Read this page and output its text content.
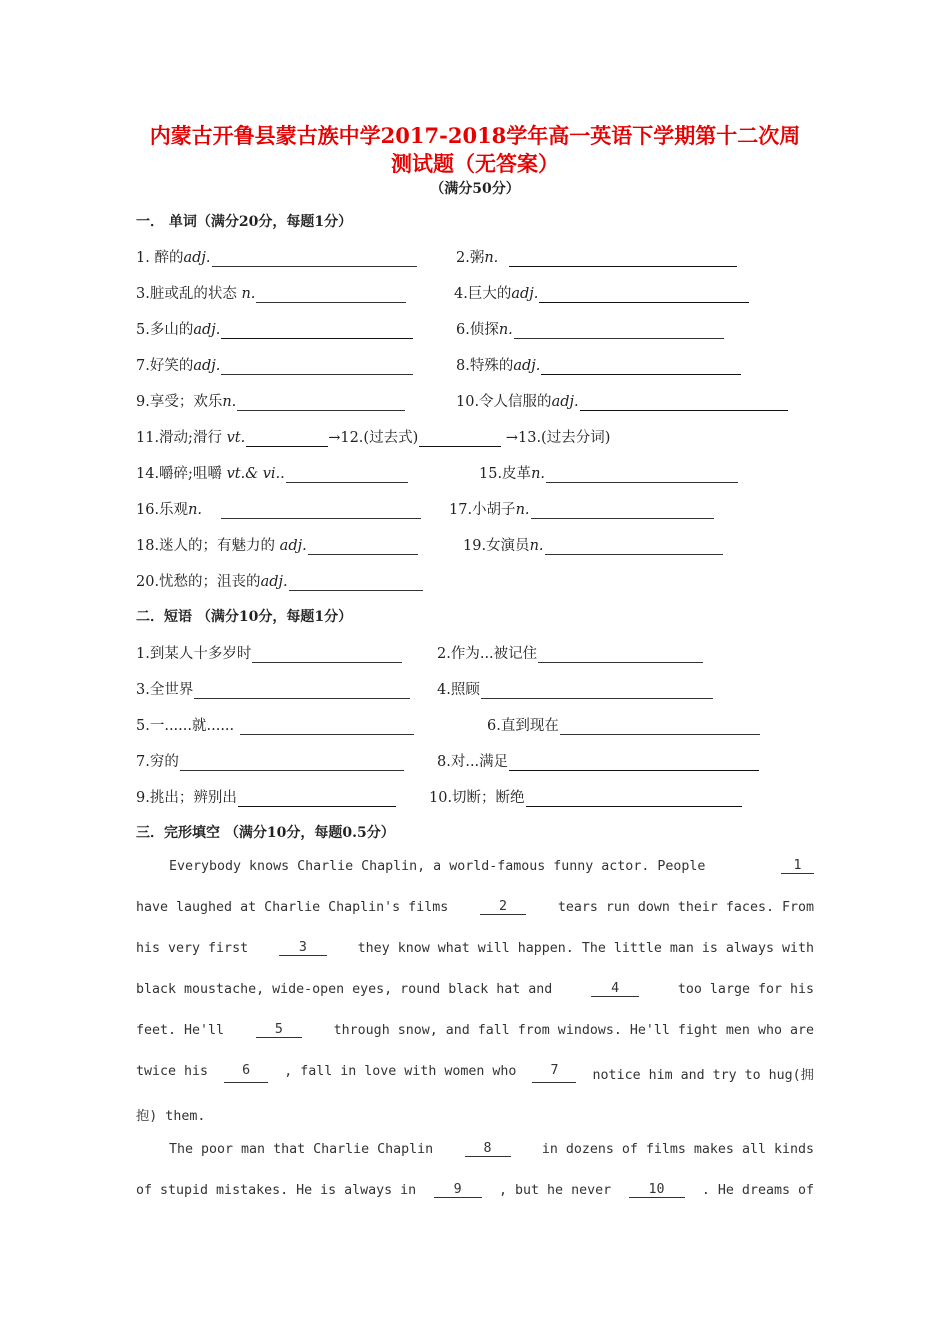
内蒙古开鲁县蒙古族中学2017-2018学年高一英语下学期第十二次周
测试题（无答案）
（满分50分）
一． 单词（满分20分，每题1分）
1. 醉的adj.	2.粥n.
3.脏或乱的状态 n.	4.巨大的adj.
5.多山的adj.	6.侦探n.
7.好笑的adj.	8.特殊的adj.
9.享受；欢乐n.	10.令人信服的adj.
11.滑动;滑行 vt.	→12.(过去式)	→13.(过去分词)
14.嚼碎;咀嚼 vt.& vi..	15.皮革n.
16.乐观n.	17.小胡子n.
18.迷人的；有魅力的 adj.	19.女演员n.
20.忧愁的；沮丧的adj.
二．短语 （满分10分，每题1分）
1.到某人十多岁时	2.作为...被记住
3.全世界	4.照顾
5.一......就......	6.直到现在
7.穷的	8.对...满足
9.挑出；辨别出	10.切断；断绝
三．完形填空 （满分10分，每题0.5分）
Everybody knows Charlie Chaplin, a world-famous funny actor. People	1
have laughed at Charlie Chaplin's films	2	tears run down their faces. From
his very first	3	they know what will happen. The little man is always with
black moustache, wide-open eyes, round black hat and	4	too large for his
feet. He'll	5	through snow, and fall from windows. He'll fight men who are
twice his	6	, fall in love with women who	7	notice him and try to hug(拥
抱) them.
The poor man that Charlie Chaplin	8	in dozens of films makes all kinds
of stupid mistakes. He is always in	9	, but he never	10	. He dreams of
